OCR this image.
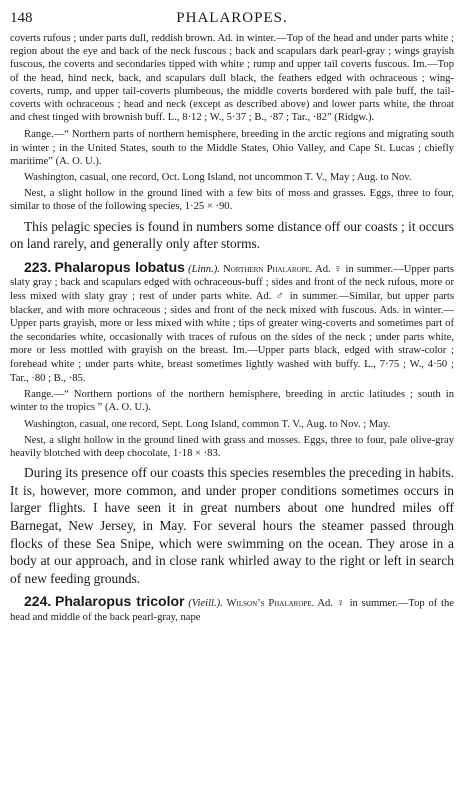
148	PHALAROPES.

coverts rufous ; under parts dull, reddish brown. Ad. in winter.—Top of the head and under parts white ; region about the eye and back of the neck fuscous ; back and scapulars dark pearl-gray ; wings grayish fuscous, the coverts and secondaries tipped with white ; rump and upper tail coverts fuscous. Im.—Top of the head, hind neck, back, and scapulars dull black, the feathers edged with ochraceous ; wing-coverts, rump, and upper tail-coverts plumbeous, the middle coverts bordered with pale buff, the tail-coverts with ochraceous ; head and neck (except as described above) and lower parts white, the throat and chest tinged with brownish buff. L., 8·12 ; W., 5·37 ; B., ·87 ; Tar., ·82” (Ridgw.).

Range.—“ Northern parts of northern hemisphere, breeding in the arctic regions and migrating south in winter ; in the United States, south to the Middle States, Ohio Valley, and Cape St. Lucas ; chiefly maritime” (A. O. U.).

Washington, casual, one record, Oct. Long Island, not uncommon T. V., May ; Aug. to Nov.

Nest, a slight hollow in the ground lined with a few bits of moss and grasses. Eggs, three to four, similar to those of the following species, 1·25 × ·90.

This pelagic species is found in numbers some distance off our coasts ; it occurs on land rarely, and generally only after storms.

223. Phalaropus lobatus (Linn.). Northern Phalarope. Ad. ♀ in summer.—Upper parts slaty gray ; back and scapulars edged with ochraceous-buff ; sides and front of the neck rufous, more or less mixed with slaty gray ; rest of under parts white. Ad. ♂ in summer.—Similar, but upper parts blacker, and with more ochraceous ; sides and front of the neck mixed with fuscous. Ads. in winter.—Upper parts grayish, more or less mixed with white ; tips of greater wing-coverts and sometimes part of the secondaries white, occasionally with traces of rufous on the sides of the neck ; under parts white, more or less mottled with grayish on the breast. Im.—Upper parts black, edged with straw-color ; forehead white ; under parts white, breast sometimes lightly washed with buffy. L., 7·75 ; W., 4·50 ; Tar., ·80 ; B., ·85.

Range.—“ Northern portions of the northern hemisphere, breeding in arctic latitudes ; south in winter to the tropics ” (A. O. U.).

Washington, casual, one record, Sept. Long Island, common T. V., Aug. to Nov. ; May.

Nest, a slight hollow in the ground lined with grass and mosses. Eggs, three to four, pale olive-gray heavily blotched with deep chocolate, 1·18 × ·83.

During its presence off our coasts this species resembles the preceding in habits. It is, however, more common, and under proper conditions sometimes occurs in larger flights. I have seen it in great numbers about one hundred miles off Barnegat, New Jersey, in May. For several hours the steamer passed through flocks of these Sea Snipe, which were swimming on the ocean. They arose in a body at our approach, and in close rank whirled away to the right or left in search of new feeding grounds.

224. Phalaropus tricolor (Vieill.). Wilson’s Phalarope. Ad. ♀ in summer.—Top of the head and middle of the back pearl-gray, nape
